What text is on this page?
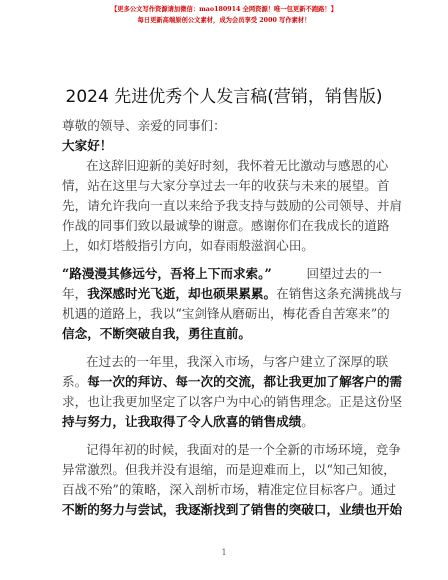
【更多公文写作资源请加微信：mao180914 全网资源！唯一包更新不跑路！】
每日更新高端原创公文素材，成为会员享受 2000 写作素材！
2024 先进优秀个人发言稿(营销，销售版)
尊敬的领导、亲爱的同事们：
大家好！
在这辞旧迎新的美好时刻，我怀着无比激动与感恩的心
情，站在这里与大家分享过去一年的收获与未来的展望。首
先，请允许我向一直以来给予我支持与鼓励的公司领导、并肩
作战的同事们致以最诚挚的谢意。感谢你们在我成长的道路
上，如灯塔般指引方向，如春雨般滋润心田。
“路漫漫其修远兮，吾将上下而求索。”	回望过去的一
年， 我深感时光飞逝，却也硕果累累。 在销售这条充满挑战与
机遇的道路上，我以“宝剑锋从磨砺出，梅花香自苦寒来”的
信念，不断突破自我，勇往直前。
在过去的一年里，我深入市场，与客户建立了深厚的联
系。 每一次的拜访、每一次的交流，都让我更加了解客户的需
求，也让我更加坚定了以客户为中心的销售理念。正是这份坚
持与努力，让我取得了令人欣喜的销售成绩。
记得年初的时候，我面对的是一个全新的市场环境，竞争
异常激烈。但我并没有退缩，而是迎难而上，以“知己知彼，
百战不殆”的策略，深入剖析市场，精准定位目标客户。通过
不断的努力与尝试，我逐渐找到了销售的突破口，业绩也开始
1
